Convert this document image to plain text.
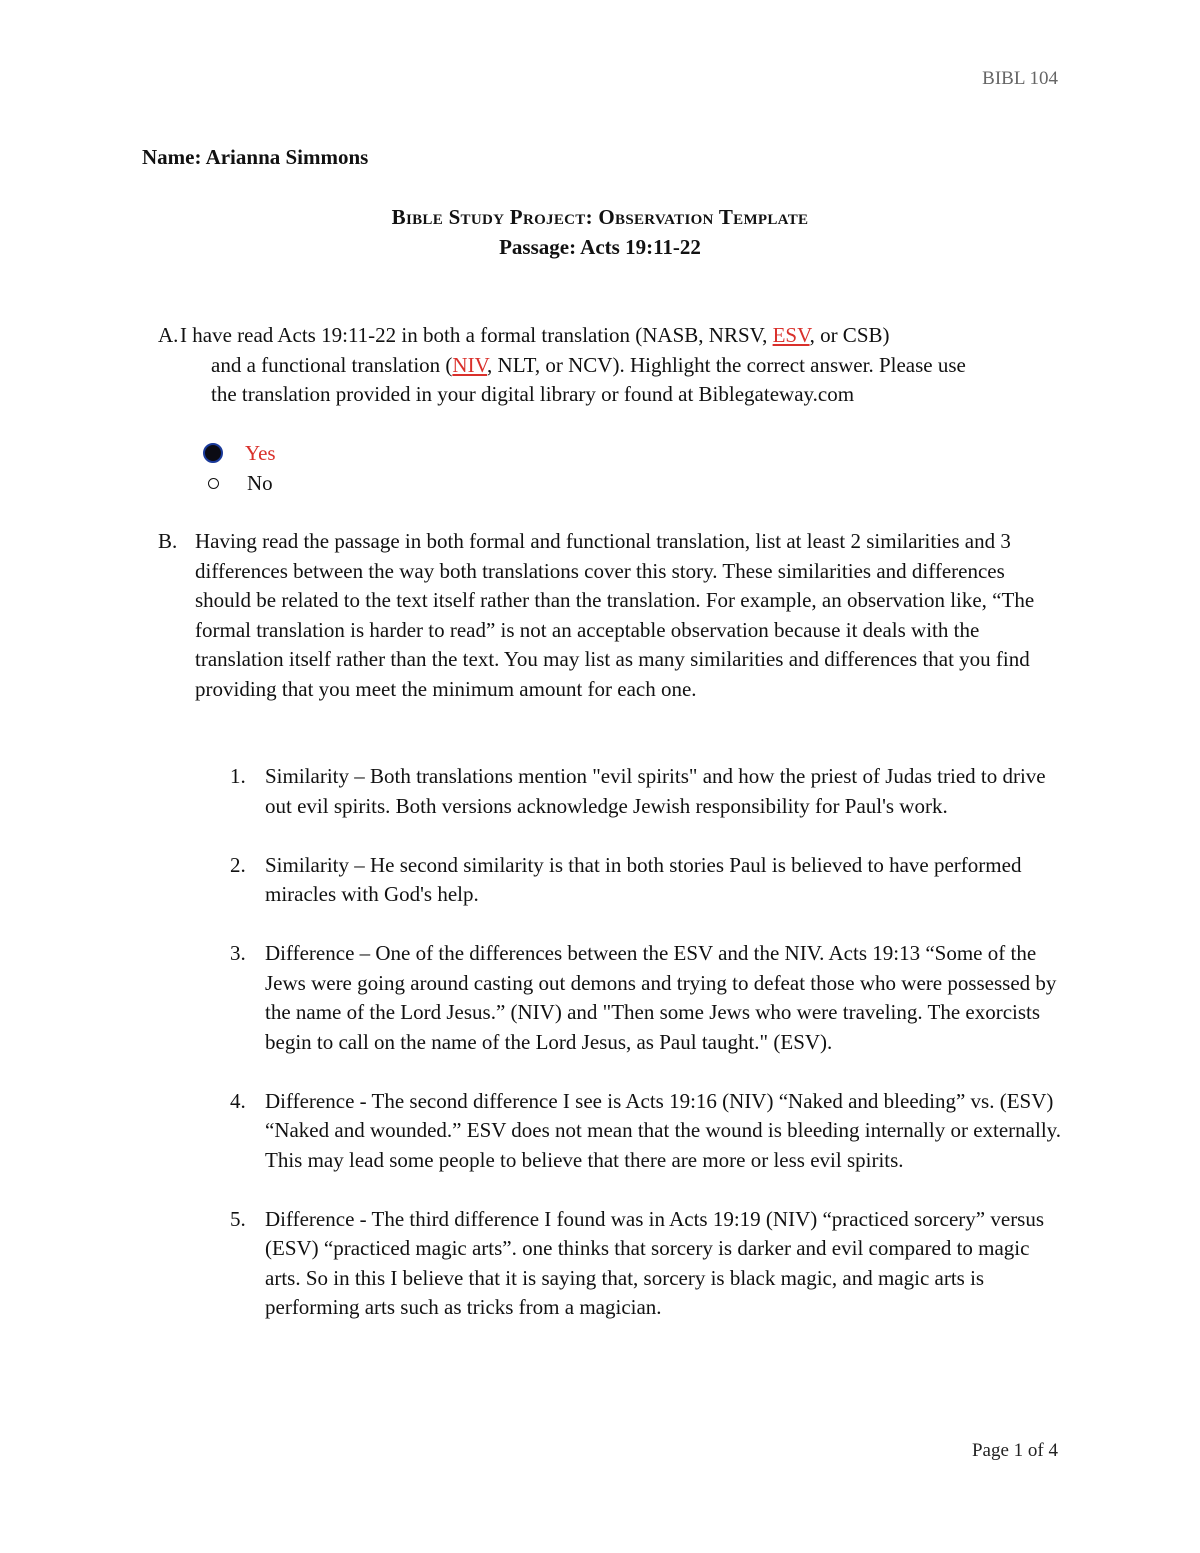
BIBL 104
Name: Arianna Simmons
Bible Study Project: Observation Template
Passage: Acts 19:11-22
A. I have read Acts 19:11-22 in both a formal translation (NASB, NRSV, ESV, or CSB)
and a functional translation (NIV, NLT, or NCV). Highlight the correct answer. Please use
the translation provided in your digital library or found at Biblegateway.com
Yes
No
B. Having read the passage in both formal and functional translation, list at least 2 similarities and 3 differences between the way both translations cover this story. These similarities and differences should be related to the text itself rather than the translation. For example, an observation like, “The formal translation is harder to read” is not an acceptable observation because it deals with the translation itself rather than the text. You may list as many similarities and differences that you find providing that you meet the minimum amount for each one.
1. Similarity – Both translations mention "evil spirits" and how the priest of Judas tried to drive out evil spirits. Both versions acknowledge Jewish responsibility for Paul's work.
2. Similarity – He second similarity is that in both stories Paul is believed to have performed miracles with God's help.
3. Difference – One of the differences between the ESV and the NIV. Acts 19:13 “Some of the Jews were going around casting out demons and trying to defeat those who were possessed by the name of the Lord Jesus.” (NIV) and "Then some Jews who were traveling. The exorcists begin to call on the name of the Lord Jesus, as Paul taught." (ESV).
4. Difference - The second difference I see is Acts 19:16 (NIV) “Naked and bleeding” vs. (ESV) “Naked and wounded.” ESV does not mean that the wound is bleeding internally or externally. This may lead some people to believe that there are more or less evil spirits.
5. Difference - The third difference I found was in Acts 19:19 (NIV) “practiced sorcery” versus (ESV) “practiced magic arts”. one thinks that sorcery is darker and evil compared to magic arts. So in this I believe that it is saying that, sorcery is black magic, and magic arts is performing arts such as tricks from a magician.
Page 1 of 4
